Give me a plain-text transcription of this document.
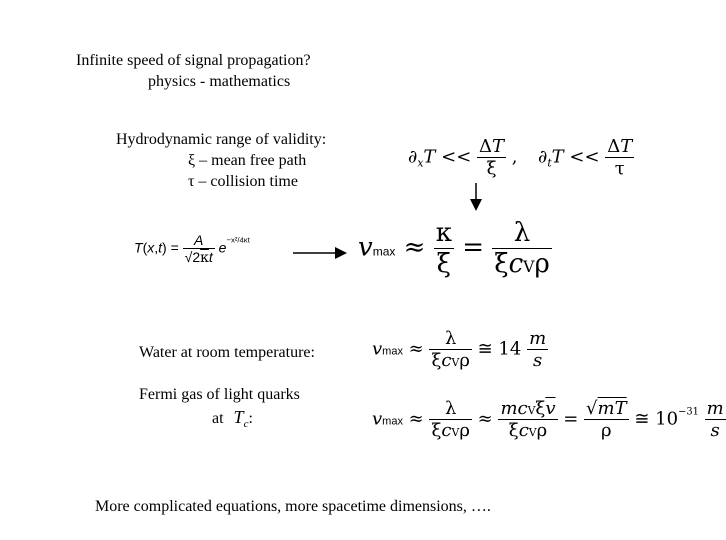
Infinite speed of signal propagation?
physics - mathematics
Hydrodynamic range of validity:
ξ – mean free path
τ – collision time
$\partial_xT << \frac{\Delta T}{\xi}$ , $\partial_tT << \frac{\Delta T}{\tau}$
$T(x,t) = \frac{A}{√2\kappa t} e^{-x^2/4\kappa t}$	$vmax \approx \frac{\kappa}{\xi} = \frac{\lambda}{\text{ξcVρ}}$
Water at room temperature:	$vmax \approx \frac{\lambda}{\text{ξcVρ}}$ ≅ $14 \frac{m}{s}$
Fermi gas of light quarks
at $T_c$:	$vmax \approx \frac{\lambda}{\text{ξcVρ}} \approx \frac{mcV\xi\overline{v}}{\text{ξcVρ}} = \frac{√mT}{\rho}$ ≅ $10^{-31} \frac{m}{s}$
More complicated equations, more spacetime dimensions, ….
